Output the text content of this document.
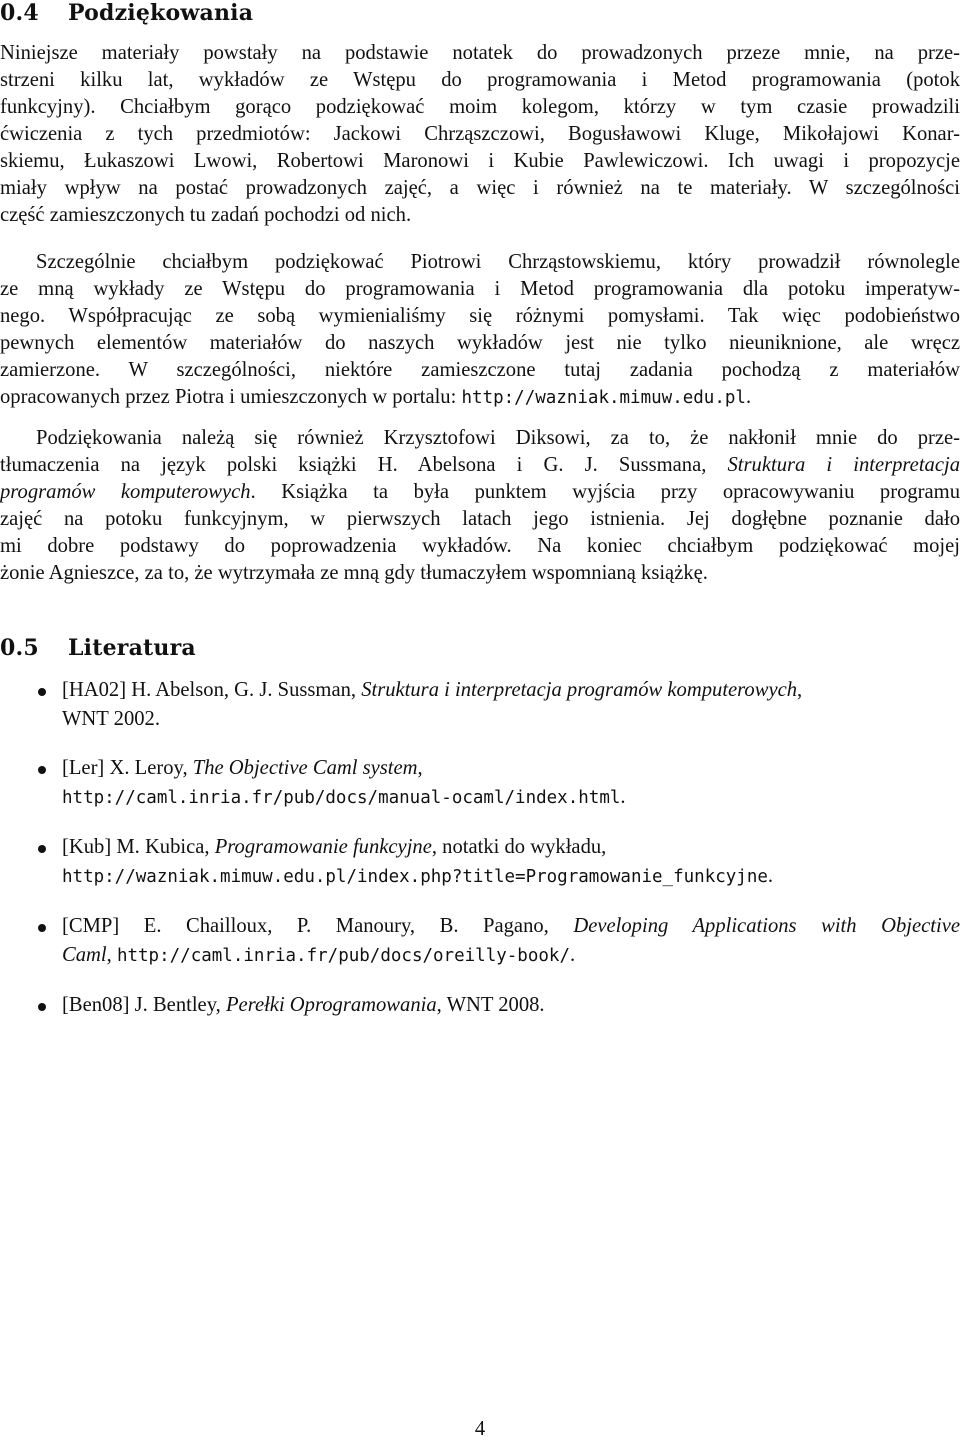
0.4 Podziękowania
Niniejsze materiały powstały na podstawie notatek do prowadzonych przeze mnie, na prze-
strzeni kilku lat, wykładów ze Wstępu do programowania i Metod programowania (potok
funkcyjny). Chciałbym gorąco podziękować moim kolegom, którzy w tym czasie prowadzili
ćwiczenia z tych przedmiotów: Jackowi Chrząszczowi, Bogusławowi Kluge, Mikołajowi Konar-
skiemu, Łukaszowi Lwowi, Robertowi Maronowi i Kubie Pawlewiczowi. Ich uwagi i propozycje
miały wpływ na postać prowadzonych zajęć, a więc i również na te materiały. W szczególności
część zamieszczonych tu zadań pochodzi od nich.
Szczególnie chciałbym podziękować Piotrowi Chrząstowskiemu, który prowadził równolegle
ze mną wykłady ze Wstępu do programowania i Metod programowania dla potoku imperatyw-
nego. Współpracując ze sobą wymienialiśmy się różnymi pomysłami. Tak więc podobieństwo
pewnych elementów materiałów do naszych wykładów jest nie tylko nieuniknione, ale wręcz
zamierzone. W szczególności, niektóre zamieszczone tutaj zadania pochodzą z materiałów
opracowanych przez Piotra i umieszczonych w portalu: http://wazniak.mimuw.edu.pl.
Podziękowania należą się również Krzysztofowi Diksowi, za to, że nakłonił mnie do prze-
tłumaczenia na język polski książki H. Abelsona i G. J. Sussmana, Struktura i interpretacja
programów komputerowych. Książka ta była punktem wyjścia przy opracowywaniu programu
zajęć na potoku funkcyjnym, w pierwszych latach jego istnienia. Jej dogłębne poznanie dało
mi dobre podstawy do poprowadzenia wykładów. Na koniec chciałbym podziękować mojej
żonie Agnieszce, za to, że wytrzymała ze mną gdy tłumaczyłem wspomnianą książkę.
0.5 Literatura
[HA02] H. Abelson, G. J. Sussman, Struktura i interpretacja programów komputerowych,
WNT 2002.
[Ler] X. Leroy, The Objective Caml system,
http://caml.inria.fr/pub/docs/manual-ocaml/index.html.
[Kub] M. Kubica, Programowanie funkcyjne, notatki do wykładu,
http://wazniak.mimuw.edu.pl/index.php?title=Programowanie_funkcyjne.
[CMP] E. Chailloux, P. Manoury, B. Pagano, Developing Applications with Objective
Caml, http://caml.inria.fr/pub/docs/oreilly-book/.
[Ben08] J. Bentley, Perełki Oprogramowania, WNT 2008.
4
